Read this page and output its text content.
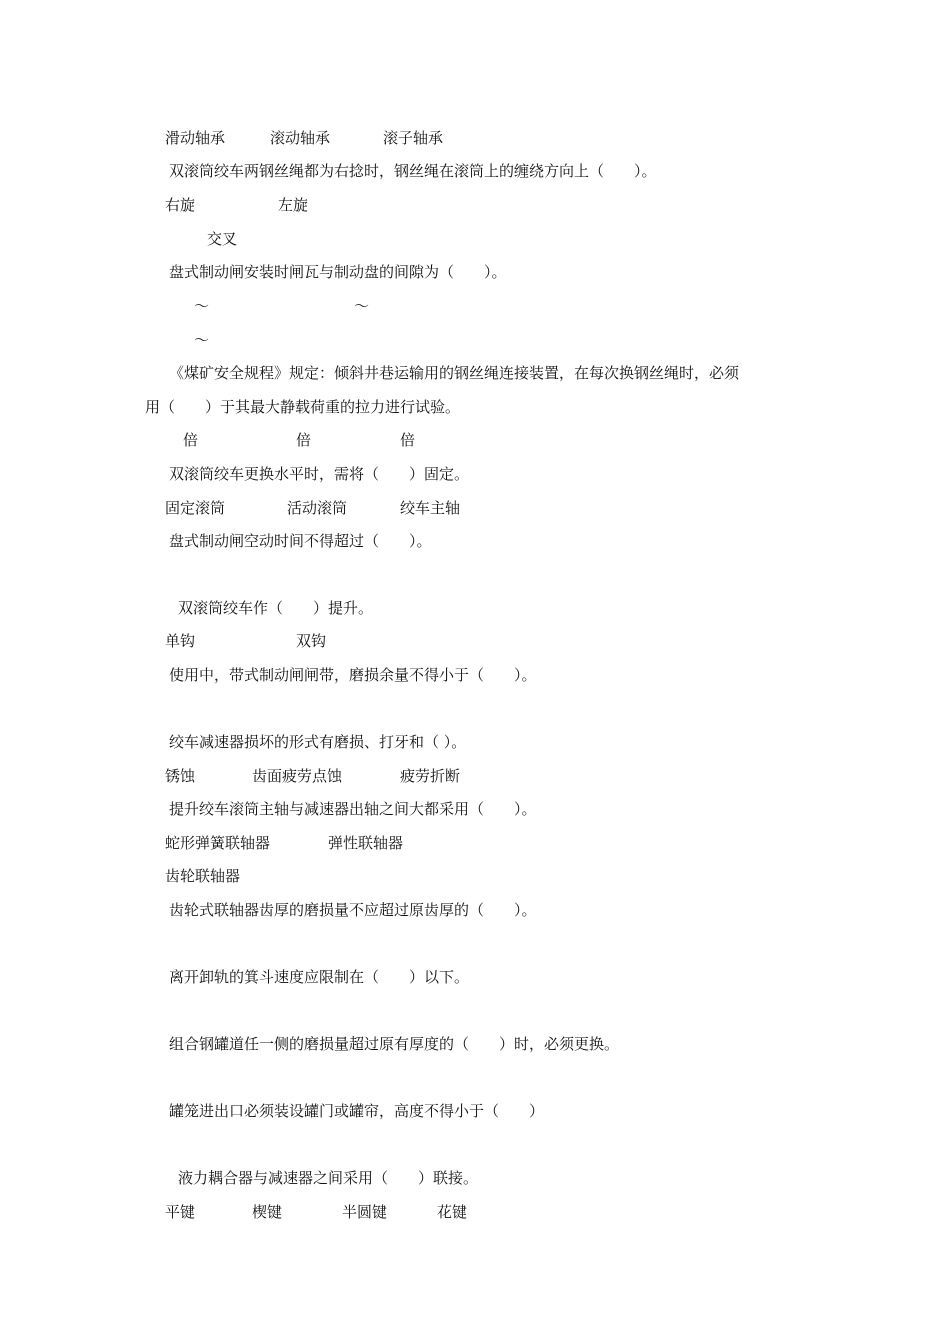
滑动轴承	滚动轴承	滚子轴承

双滚筒绞车两钢丝绳都为右捻时，钢丝绳在滚筒上的缠绕方向上（　　）。

右旋	左旋
交叉

盘式制动闸安装时闸瓦与制动盘的间隙为（　　）。

～	～
～

《煤矿安全规程》规定：倾斜井巷运输用的钢丝绳连接装置，在每次换钢丝绳时，必须

用（　　）于其最大静载荷重的拉力进行试验。

倍	倍	倍

双滚筒绞车更换水平时，需将（　　）固定。

固定滚筒	活动滚筒	绞车主轴

盘式制动闸空动时间不得超过（　　）。

双滚筒绞车作（　　）提升。

单钩	双钩

使用中，带式制动闸闸带，磨损余量不得小于（　　）。

绞车减速器损坏的形式有磨损、打牙和（ ）。

锈蚀	齿面疲劳点蚀	疲劳折断

提升绞车滚筒主轴与减速器出轴之间大都采用（　　）。

蛇形弹簧联轴器	弹性联轴器
齿轮联轴器

齿轮式联轴器齿厚的磨损量不应超过原齿厚的（　　）。

离开卸轨的箕斗速度应限制在（　　）以下。

组合钢罐道任一侧的磨损量超过原有厚度的（　　）时，必须更换。

罐笼进出口必须装设罐门或罐帘，高度不得小于（　　）

液力耦合器与减速器之间采用（　　）联接。

平键	楔键	半圆键	花键
